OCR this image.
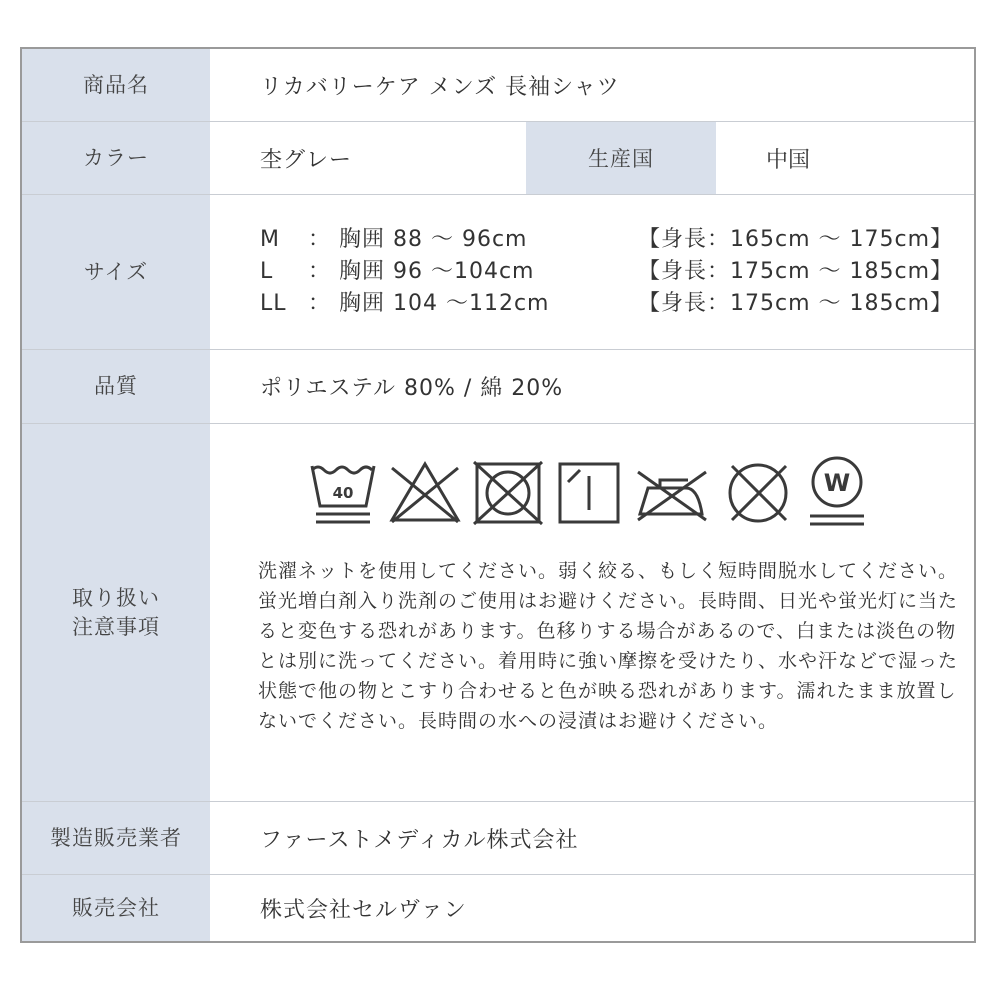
商品名	リカバリーケア メンズ 長袖シャツ
カラー	杢グレー	生産国	中国
サイズ
M	： 胸囲 88 ～ 96cm	【身長：165cm ～ 175cm】
L	： 胸囲 96 ～104cm	【身長：175cm ～ 185cm】
LL ： 胸囲 104 ～112cm	【身長：175cm ～ 185cm】
品質	ポリエステル 80% / 綿 20%
取り扱い
注意事項
40	W
洗濯ネットを使用してください。弱く絞る、もしく短時間脱水してください。蛍光増白剤入り洗剤のご使用はお避けください。長時間、日光や蛍光灯に当たると変色する恐れがあります。色移りする場合があるので、白または淡色の物とは別に洗ってください。着用時に強い摩擦を受けたり、水や汗などで湿った状態で他の物とこすり合わせると色が映る恐れがあります。濡れたまま放置しないでください。長時間の水への浸漬はお避けください。
製造販売業者	ファーストメディカル株式会社
販売会社	株式会社セルヴァン
